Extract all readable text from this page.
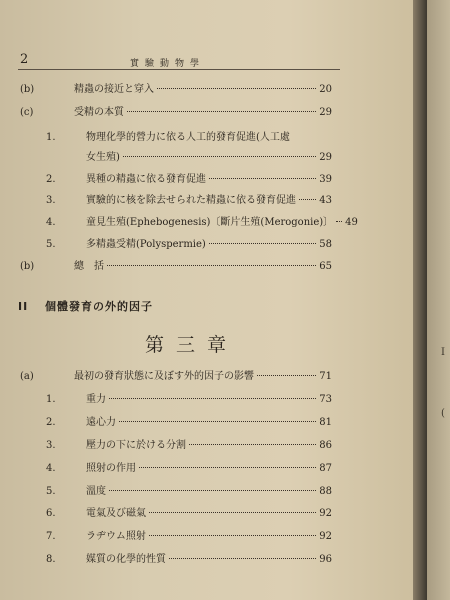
2	實驗動物學
(b)	精蟲の接近と穿入	20
(c)	受精の本質	29
1.	物理化學的營力に依る人工的發育促進(人工處
女生殖)	29
2.	異種の精蟲に依る發育促進	39
3.	實驗的に核を除去せられた精蟲に依る發育促進 43
4.	童見生殖(Ephebogenesis)〔斷片生殖(Merogonie)〕 49
5.	多精蟲受精(Polyspermie)	58
(b)	總　括	65
II 個體發育の外的因子
第三章
(a)	最初の發育狀態に及ぼす外的因子の影響	71
1.	重力	73
2.	遠心力	81
3.	壓力の下に於ける分割	86
4.	照射の作用	87
5.	溫度	88
6.	電氣及び磁氣	92
7.	ラヂウム照射	92
8.	媒質の化學的性質	96
I
(
